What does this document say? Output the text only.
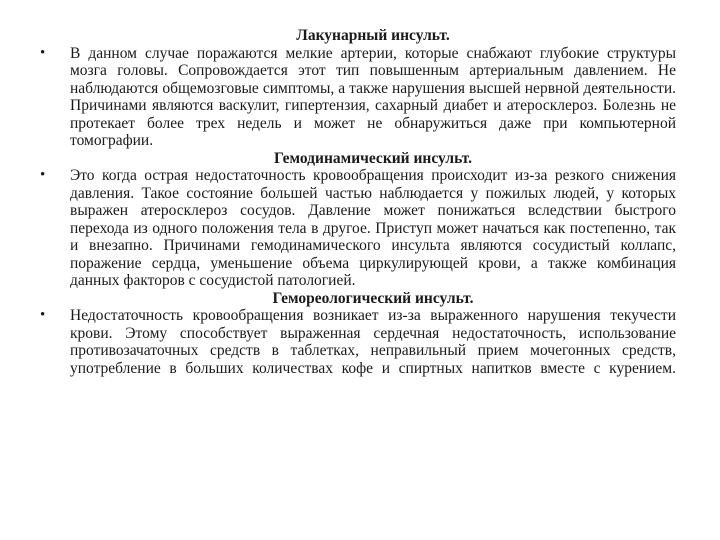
Лакунарный инсульт.

•	В данном случае поражаются мелкие артерии, которые снабжают глубокие структуры мозга головы. Сопровождается этот тип повышенным артериальным давлением. Не наблюдаются общемозговые симптомы, а также нарушения высшей нервной деятельности. Причинами являются васкулит, гипертензия, сахарный диабет и атеросклероз. Болезнь не протекает более трех недель и может не обнаружиться даже при компьютерной томографии.

Гемодинамический инсульт.

•	Это когда острая недостаточность кровообращения происходит из-за резкого снижения давления. Такое состояние большей частью наблюдается у пожилых людей, у которых выражен атеросклероз сосудов. Давление может понижаться вследствии быстрого перехода из одного положения тела в другое. Приступ может начаться как постепенно, так и внезапно. Причинами гемодинамического инсульта являются сосудистый коллапс, поражение сердца, уменьшение объема циркулирующей крови, а также комбинация данных факторов с сосудистой патологией.

Гемореологический инсульт.

•	Недостаточность кровообращения возникает из-за выраженного нарушения текучести крови. Этому способствует выраженная сердечная недостаточность, использование противозачаточных средств в таблетках, неправильный прием мочегонных средств, употребление в больших количествах кофе и спиртных напитков вместе с курением.
